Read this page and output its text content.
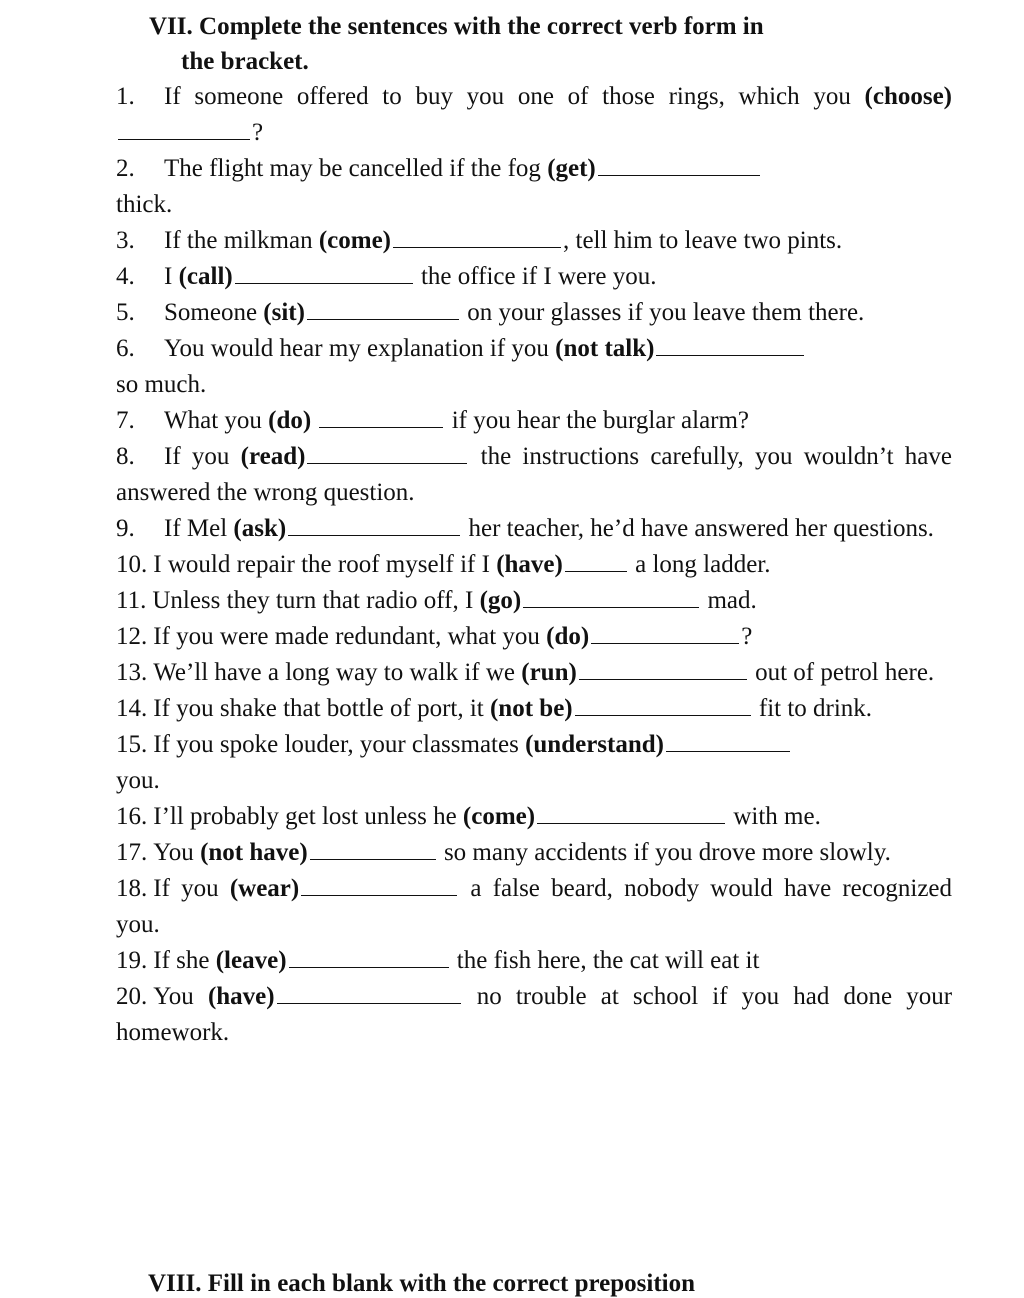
VII. Complete the sentences with the correct verb form in
the bracket.
1. If someone offered to buy you one of those rings, which you (choose) ?
2. The flight may be cancelled if the fog (get)
thick.
3. If the milkman (come)	, tell him to leave two pints.
4. I (call)	the office if I were you.
5. Someone (sit)	on your glasses if you leave them there.
6. You would hear my explanation if you (not talk)
so much.
7. What you (do)	if you hear the burglar alarm?
8. If you (read)	the instructions carefully, you wouldn’t have answered the wrong question.
9. If Mel (ask)	her teacher, he’d have answered her questions.
10. I would repair the roof myself if I (have)	a long ladder.
11. Unless they turn that radio off, I (go)	mad.
12. If you were made redundant, what you (do)	?
13. We’ll have a long way to walk if we (run)	out of petrol here.
14. If you shake that bottle of port, it (not be)	fit to drink.
15. If you spoke louder, your classmates (understand)
you.
16. I’ll probably get lost unless he (come)	with me.
17. You (not have)	so many accidents if you drove more slowly.
18. If you (wear)	a false beard, nobody would have recognized you.
19. If she (leave)	the fish here, the cat will eat it
20. You (have)	no trouble at school if you had done your homework.
VIII. Fill in each blank with the correct preposition
